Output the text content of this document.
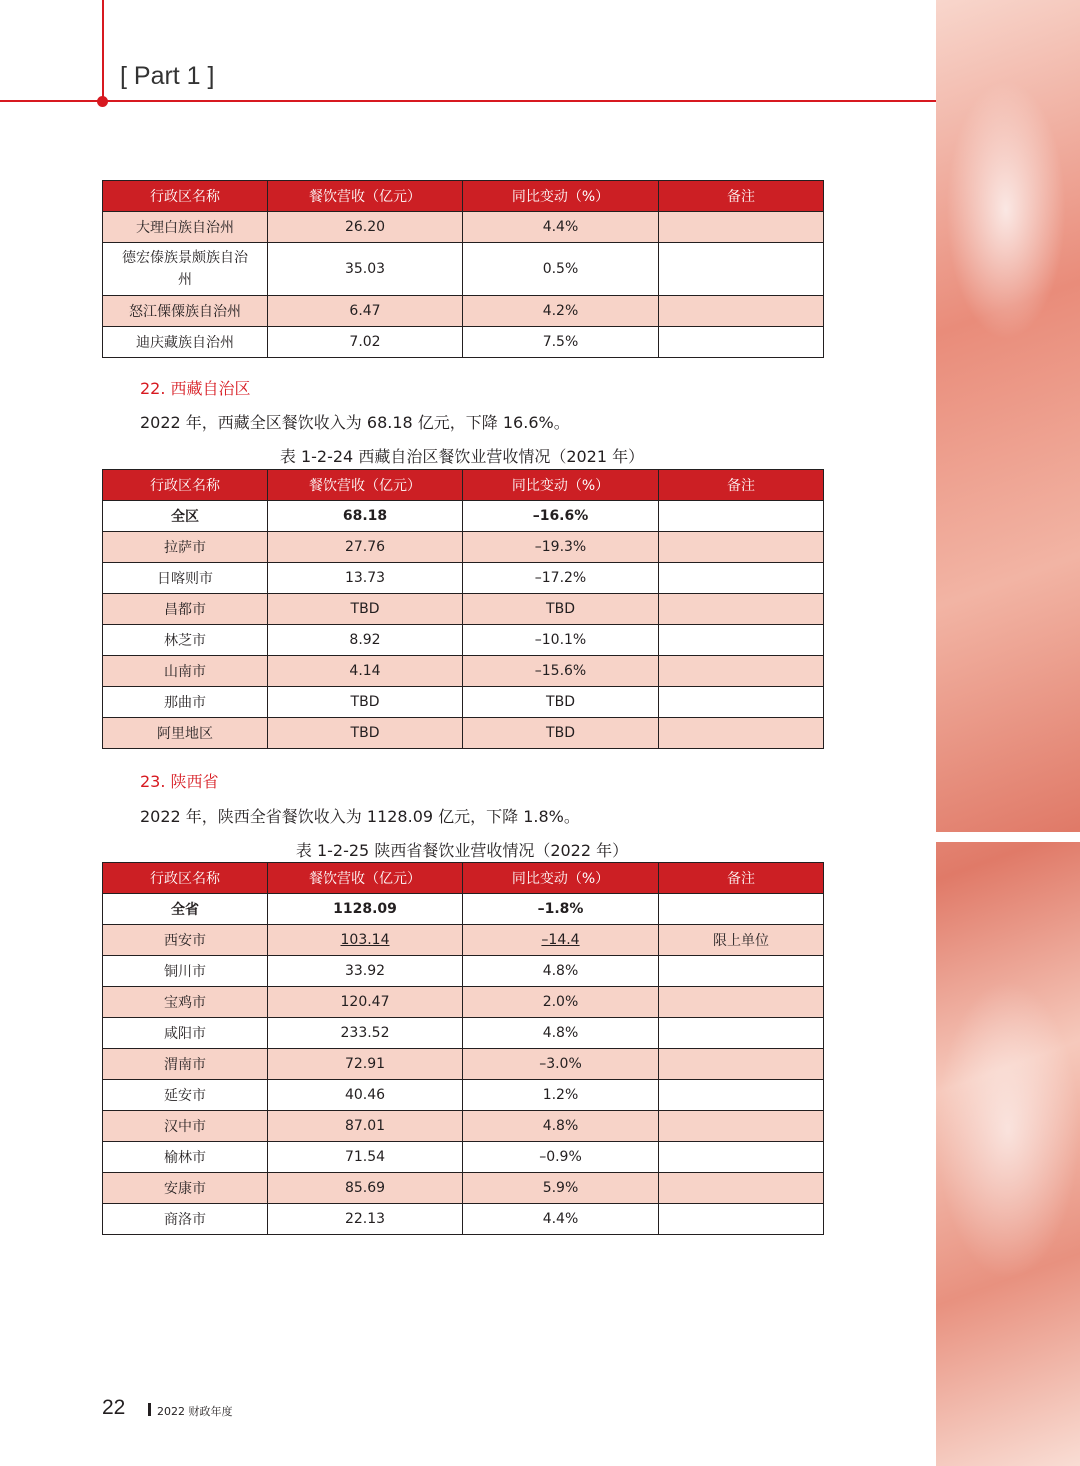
[ Part 1 ]
行政区名称	餐饮营收（亿元）	同比变动（%）	备注
大理白族自治州	26.20	4.4%	

德宏傣族景颇族自治州	35.03	0.5%	
怒江傈僳族自治州	6.47	4.2%	
迪庆藏族自治州	7.02	7.5%	
22. 西藏自治区
2022 年，西藏全区餐饮收入为 68.18 亿元，下降 16.6%。
表 1-2-24 西藏自治区餐饮业营收情况（2021 年）
行政区名称	餐饮营收（亿元）	同比变动（%）	备注
全区	68.18	–16.6%	
拉萨市	27.76	–19.3%	
日喀则市	13.73	–17.2%	
昌都市	TBD	TBD	
林芝市	8.92	–10.1%	
山南市	4.14	–15.6%	
那曲市	TBD	TBD	
阿里地区	TBD	TBD	
23. 陕西省
2022 年，陕西全省餐饮收入为 1128.09 亿元，下降 1.8%。
表 1-2-25 陕西省餐饮业营收情况（2022 年）
行政区名称	餐饮营收（亿元）	同比变动（%）	备注
全省	1128.09	–1.8%	
西安市	103.14	–14.4	限上单位
铜川市	33.92	4.8%	
宝鸡市	120.47	2.0%	
咸阳市	233.52	4.8%	
渭南市	72.91	–3.0%	
延安市	40.46	1.2%	
汉中市	87.01	4.8%	
榆林市	71.54	–0.9%	
安康市	85.69	5.9%	
商洛市	22.13	4.4%	
22	2022 财政年度
